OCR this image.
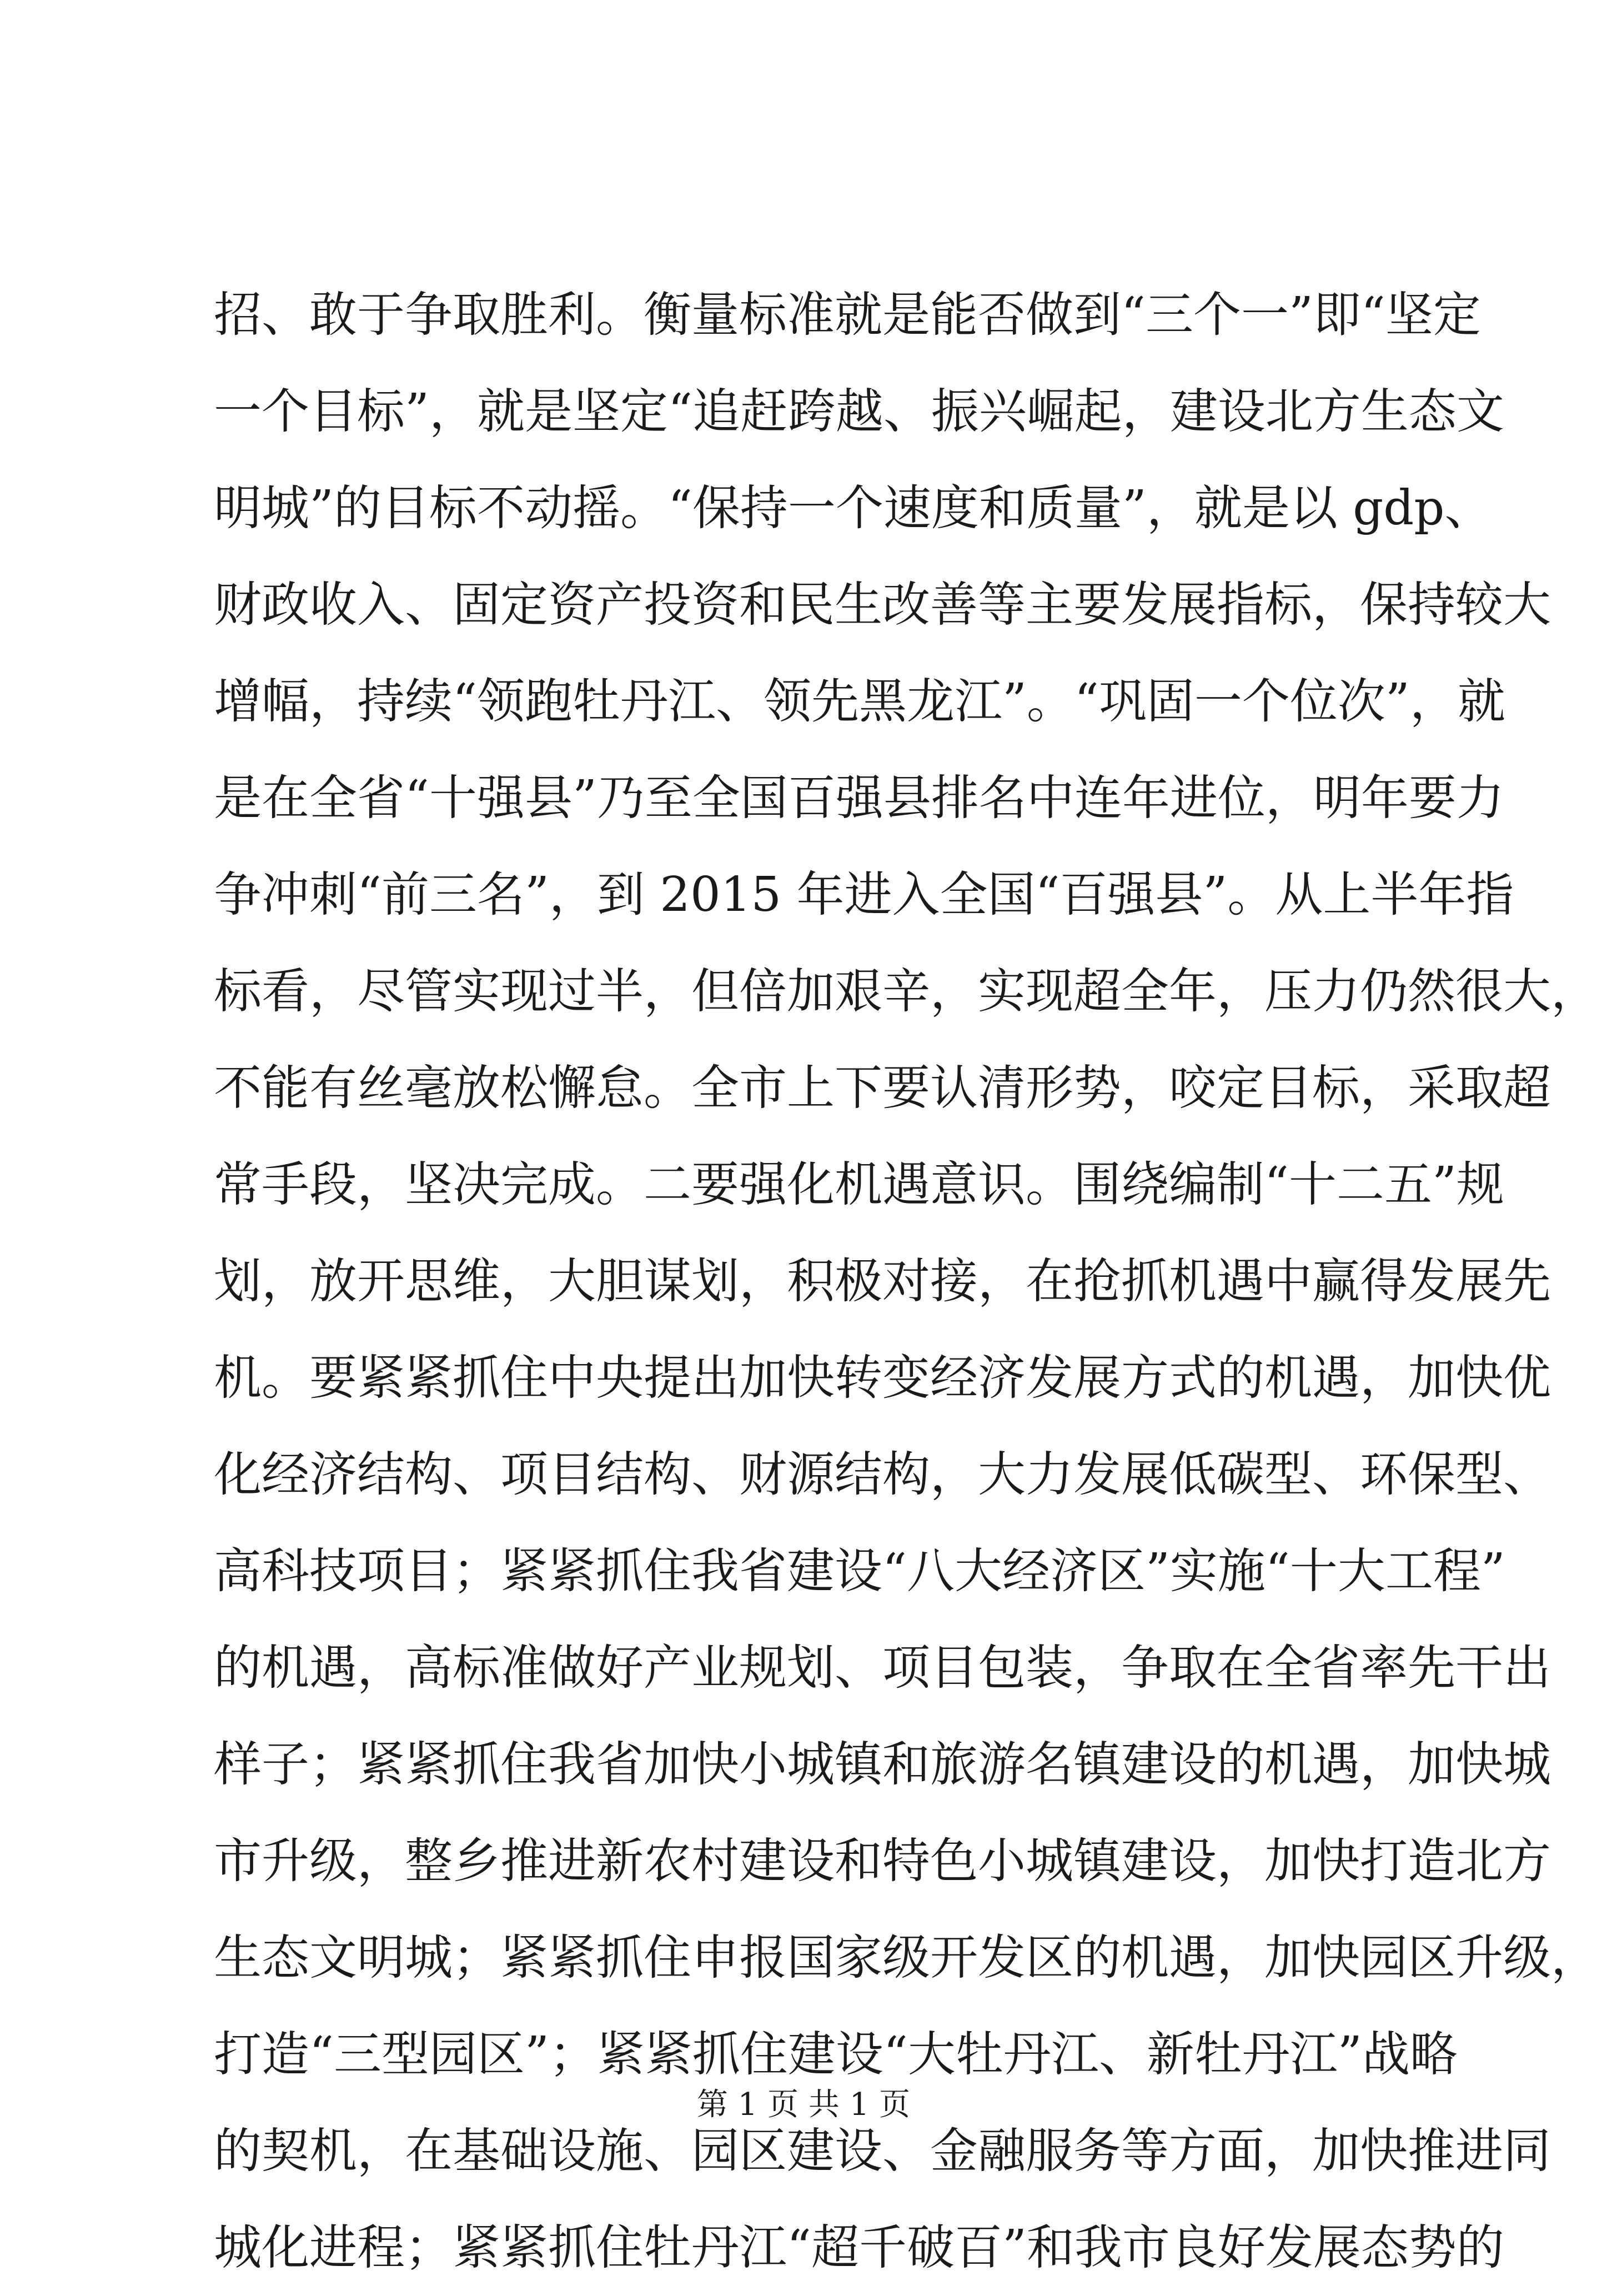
招、敢于争取胜利。衡量标准就是能否做到“三个一”即“坚定
一个目标”，就是坚定“追赶跨越、振兴崛起，建设北方生态文
明城”的目标不动摇。“保持一个速度和质量”，就是以 gdp、
财政收入、固定资产投资和民生改善等主要发展指标，保持较大
增幅，持续“领跑牡丹江、领先黑龙江”。“巩固一个位次”，就
是在全省“十强县”乃至全国百强县排名中连年进位，明年要力
争冲刺“前三名”，到 2015 年进入全国“百强县”。从上半年指
标看，尽管实现过半，但倍加艰辛，实现超全年，压力仍然很大，
不能有丝毫放松懈怠。全市上下要认清形势，咬定目标，采取超
常手段，坚决完成。二要强化机遇意识。围绕编制“十二五”规
划，放开思维，大胆谋划，积极对接，在抢抓机遇中赢得发展先
机。要紧紧抓住中央提出加快转变经济发展方式的机遇，加快优
化经济结构、项目结构、财源结构，大力发展低碳型、环保型、
高科技项目；紧紧抓住我省建设“八大经济区”实施“十大工程”
的机遇，高标准做好产业规划、项目包装，争取在全省率先干出
样子；紧紧抓住我省加快小城镇和旅游名镇建设的机遇，加快城
市升级，整乡推进新农村建设和特色小城镇建设，加快打造北方
生态文明城；紧紧抓住申报国家级开发区的机遇，加快园区升级，
打造“三型园区”；紧紧抓住建设“大牡丹江、新牡丹江”战略
的契机，在基础设施、园区建设、金融服务等方面，加快推进同
城化进程；紧紧抓住牡丹江“超千破百”和我市良好发展态势的
第 1 页 共 1 页
